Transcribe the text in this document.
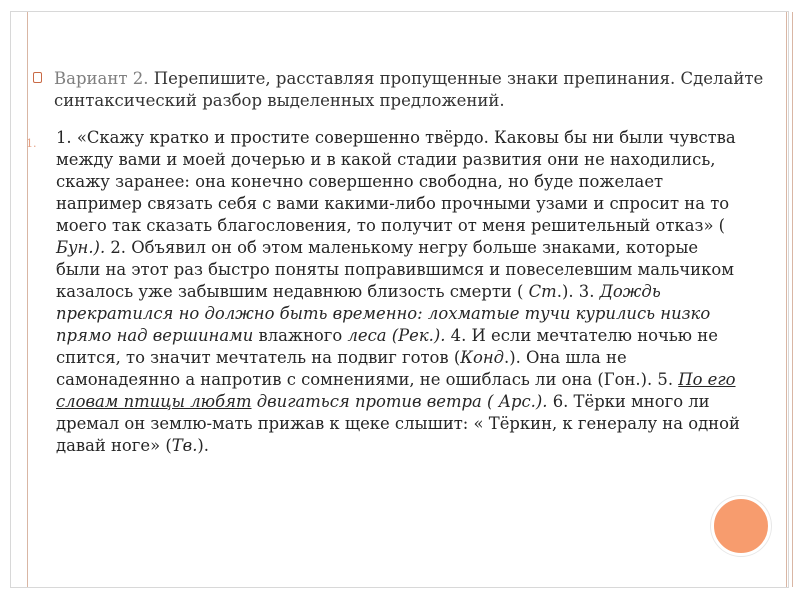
Вариант 2. Перепишите, расставляя пропущенные знаки препинания. Сделайте синтаксический разбор выделенных предложений.
1. 1. «Скажу кратко и простите совершенно твёрдо. Каковы бы ни были чувства между вами и моей дочерью и в какой стадии развития они не находились, скажу заранее: она конечно совершенно свободна, но буде пожелает например связать себя с вами какими-либо прочными узами и спросит на то моего так сказать благословения, то получит от меня решительный отказ» ( Бун.). 2. Объявил он об этом маленькому негру больше знаками, которые были на этот раз быстро поняты поправившимся и повеселевшим мальчиком казалось уже забывшим недавнюю близость смерти ( Ст.). 3. Дождь прекратился но должно быть временно: лохматые тучи курились низко прямо над вершинами влажного леса (Рек.). 4. И если мечтателю ночью не спится, то значит мечтатель на подвиг готов (Конд.). Она шла не самонадеянно а напротив с сомнениями, не ошиблась ли она (Гон.). 5. По его словам птицы любят двигаться против ветра ( Арс.). 6. Тёрки много ли дремал он землю-мать прижав к щеке слышит: « Тёркин, к генералу на одной давай ноге» (Тв.).
